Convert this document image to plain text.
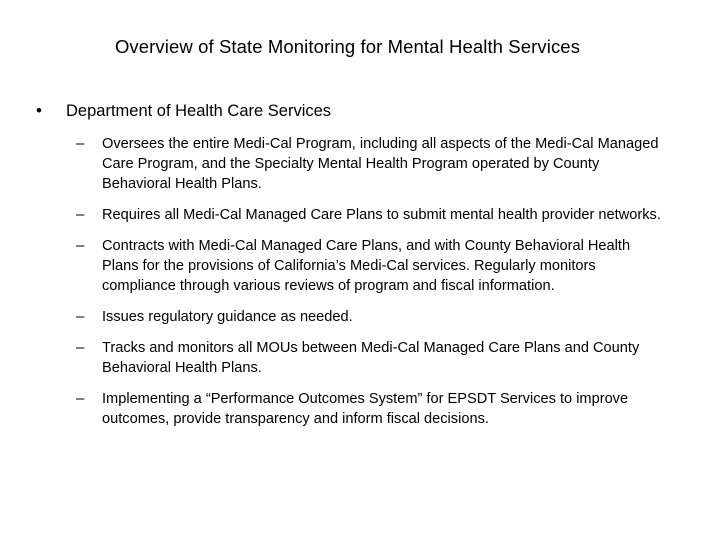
Overview of State Monitoring for Mental Health Services
•	Department of Health Care Services
–	Oversees the entire Medi-Cal Program, including all aspects of the Medi-Cal Managed Care Program, and the Specialty Mental Health Program operated by County Behavioral Health Plans.
–	Requires all Medi-Cal Managed Care Plans to submit mental health provider networks.
–	Contracts with Medi-Cal Managed Care Plans, and with County Behavioral Health Plans for the provisions of California’s Medi-Cal services. Regularly monitors compliance through various reviews of program and fiscal information.
–	Issues regulatory guidance as needed.
–	Tracks and monitors all MOUs between Medi-Cal Managed Care Plans and County Behavioral Health Plans.
–	Implementing a “Performance Outcomes System” for EPSDT Services to improve outcomes, provide transparency and inform fiscal decisions.
